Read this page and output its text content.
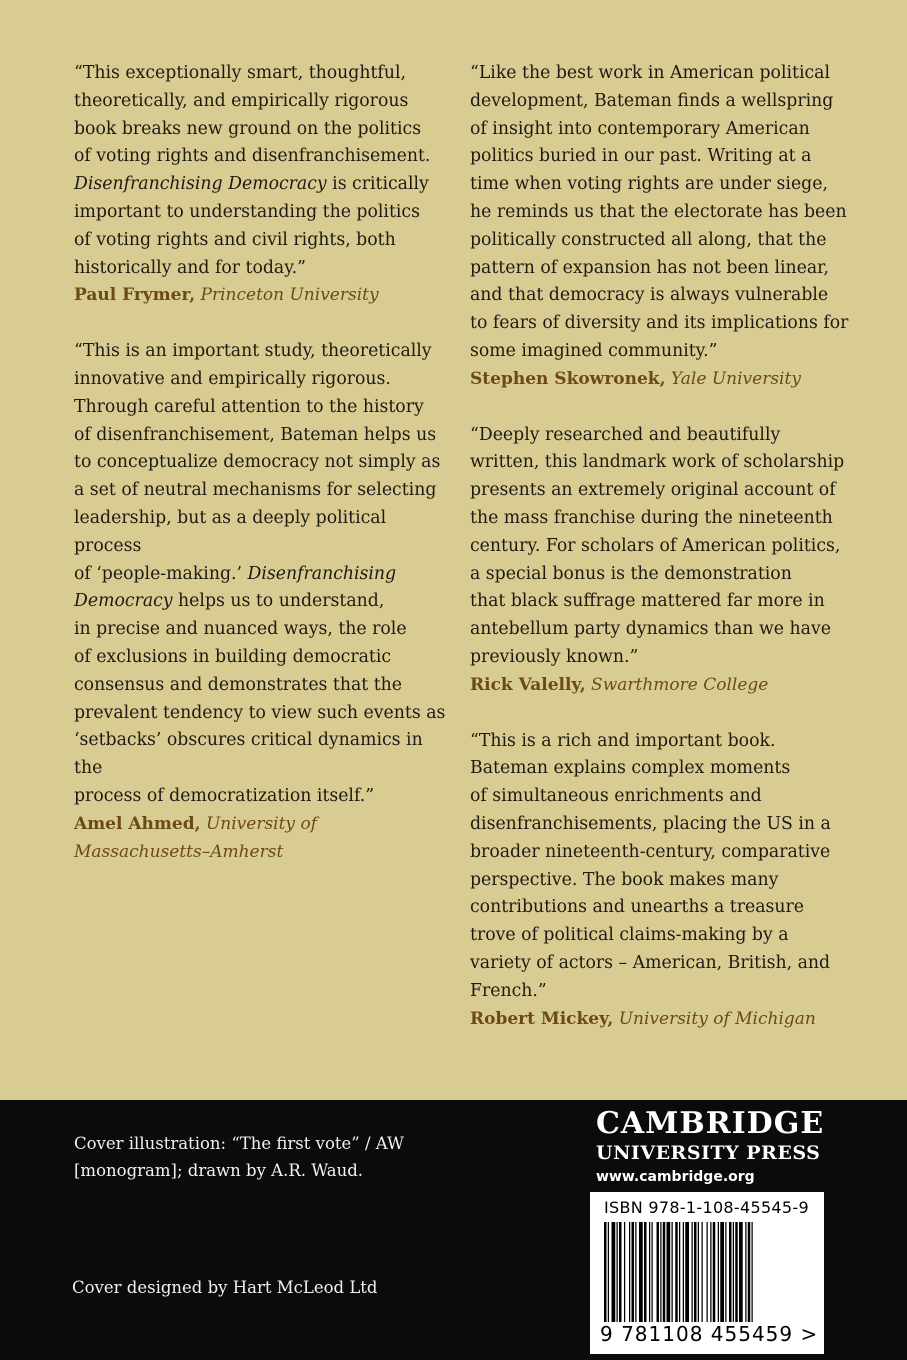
“This exceptionally smart, thoughtful,
theoretically, and empirically rigorous
book breaks new ground on the politics
of voting rights and disenfranchisement.
Disenfranchising Democracy is critically
important to understanding the politics
of voting rights and civil rights, both
historically and for today.”
Paul Frymer, Princeton University
“This is an important study, theoretically
innovative and empirically rigorous.
Through careful attention to the history
of disenfranchisement, Bateman helps us
to conceptualize democracy not simply as
a set of neutral mechanisms for selecting
leadership, but as a deeply political process
of ‘people-making.’ Disenfranchising
Democracy helps us to understand,
in precise and nuanced ways, the role
of exclusions in building democratic
consensus and demonstrates that the
prevalent tendency to view such events as
‘setbacks’ obscures critical dynamics in the
process of democratization itself.”
Amel Ahmed, University of
Massachusetts–Amherst
“Like the best work in American political
development, Bateman finds a wellspring
of insight into contemporary American
politics buried in our past. Writing at a
time when voting rights are under siege,
he reminds us that the electorate has been
politically constructed all along, that the
pattern of expansion has not been linear,
and that democracy is always vulnerable
to fears of diversity and its implications for
some imagined community.”
Stephen Skowronek, Yale University
“Deeply researched and beautifully
written, this landmark work of scholarship
presents an extremely original account of
the mass franchise during the nineteenth
century. For scholars of American politics,
a special bonus is the demonstration
that black suffrage mattered far more in
antebellum party dynamics than we have
previously known.”
Rick Valelly, Swarthmore College
“This is a rich and important book.
Bateman explains complex moments
of simultaneous enrichments and
disenfranchisements, placing the US in a
broader nineteenth-century, comparative
perspective. The book makes many
contributions and unearths a treasure
trove of political claims-making by a
variety of actors – American, British, and
French.”
Robert Mickey, University of Michigan
Cover illustration: “The first vote” / AW
[monogram]; drawn by A.R. Waud.
Cover designed by Hart McLeod Ltd
CAMBRIDGE
UNIVERSITY PRESS
www.cambridge.org
ISBN 978-1-108-45545-9
9 781108 455459 >
